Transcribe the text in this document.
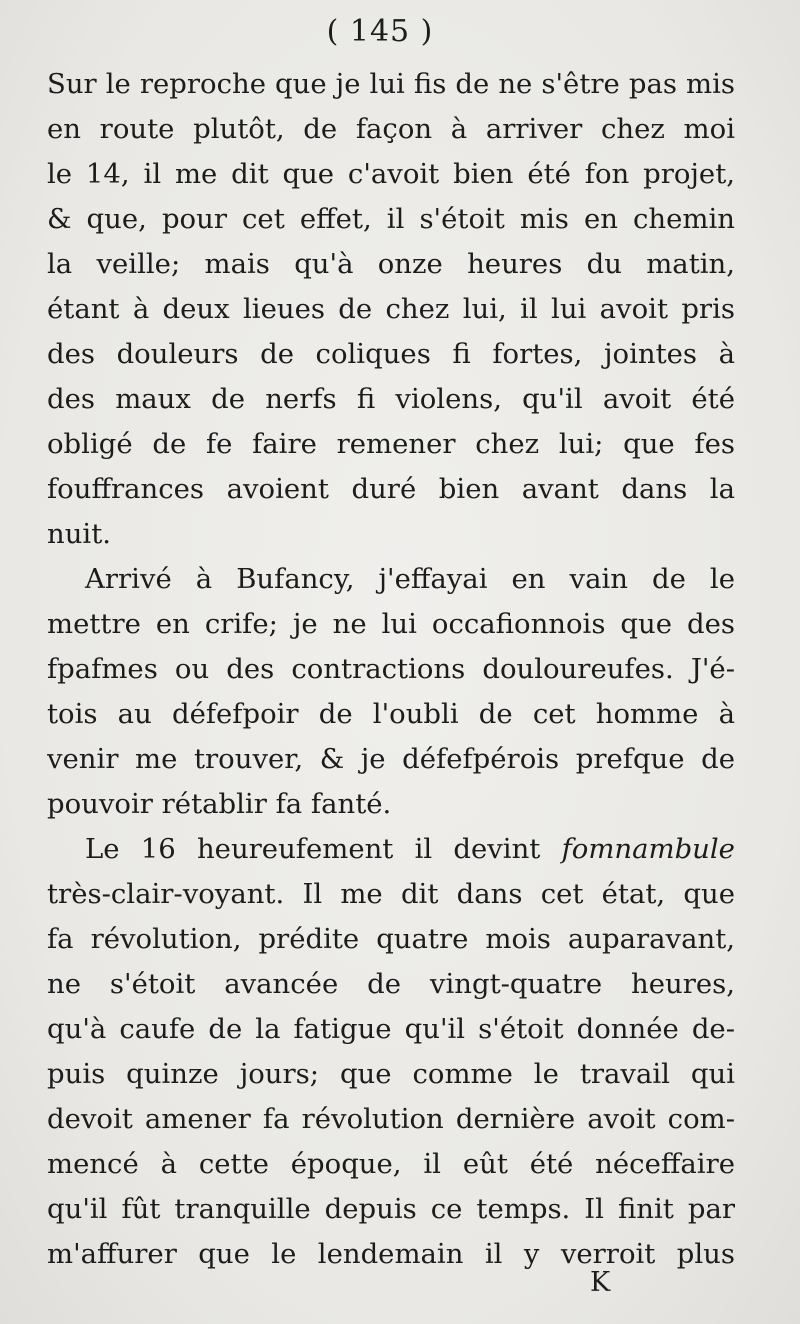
( 145 )
Sur le reproche que je lui fis de ne s'être pas mis
en route plutôt, de façon à arriver chez moi
le 14, il me dit que c'avoit bien été fon projet,
& que, pour cet effet, il s'étoit mis en chemin
la veille; mais qu'à onze heures du matin,
étant à deux lieues de chez lui, il lui avoit pris
des douleurs de coliques fi fortes, jointes à
des maux de nerfs fi violens, qu'il avoit été
obligé de fe faire remener chez lui; que fes
fouffrances avoient duré bien avant dans la
nuit.
Arrivé à Bufancy, j'effayai en vain de le
mettre en crife; je ne lui occafionnois que des
fpafmes ou des contractions douloureufes. J'é-
tois au défefpoir de l'oubli de cet homme à
venir me trouver, & je défefpérois prefque de
pouvoir rétablir fa fanté.
Le 16 heureufement il devint fomnambule
très-clair-voyant. Il me dit dans cet état, que
fa révolution, prédite quatre mois auparavant,
ne s'étoit avancée de vingt-quatre heures,
qu'à caufe de la fatigue qu'il s'étoit donnée de-
puis quinze jours; que comme le travail qui
devoit amener fa révolution dernière avoit com-
mencé à cette époque, il eût été néceffaire
qu'il fût tranquille depuis ce temps. Il finit par
m'affurer que le lendemain il y verroit plus
K
